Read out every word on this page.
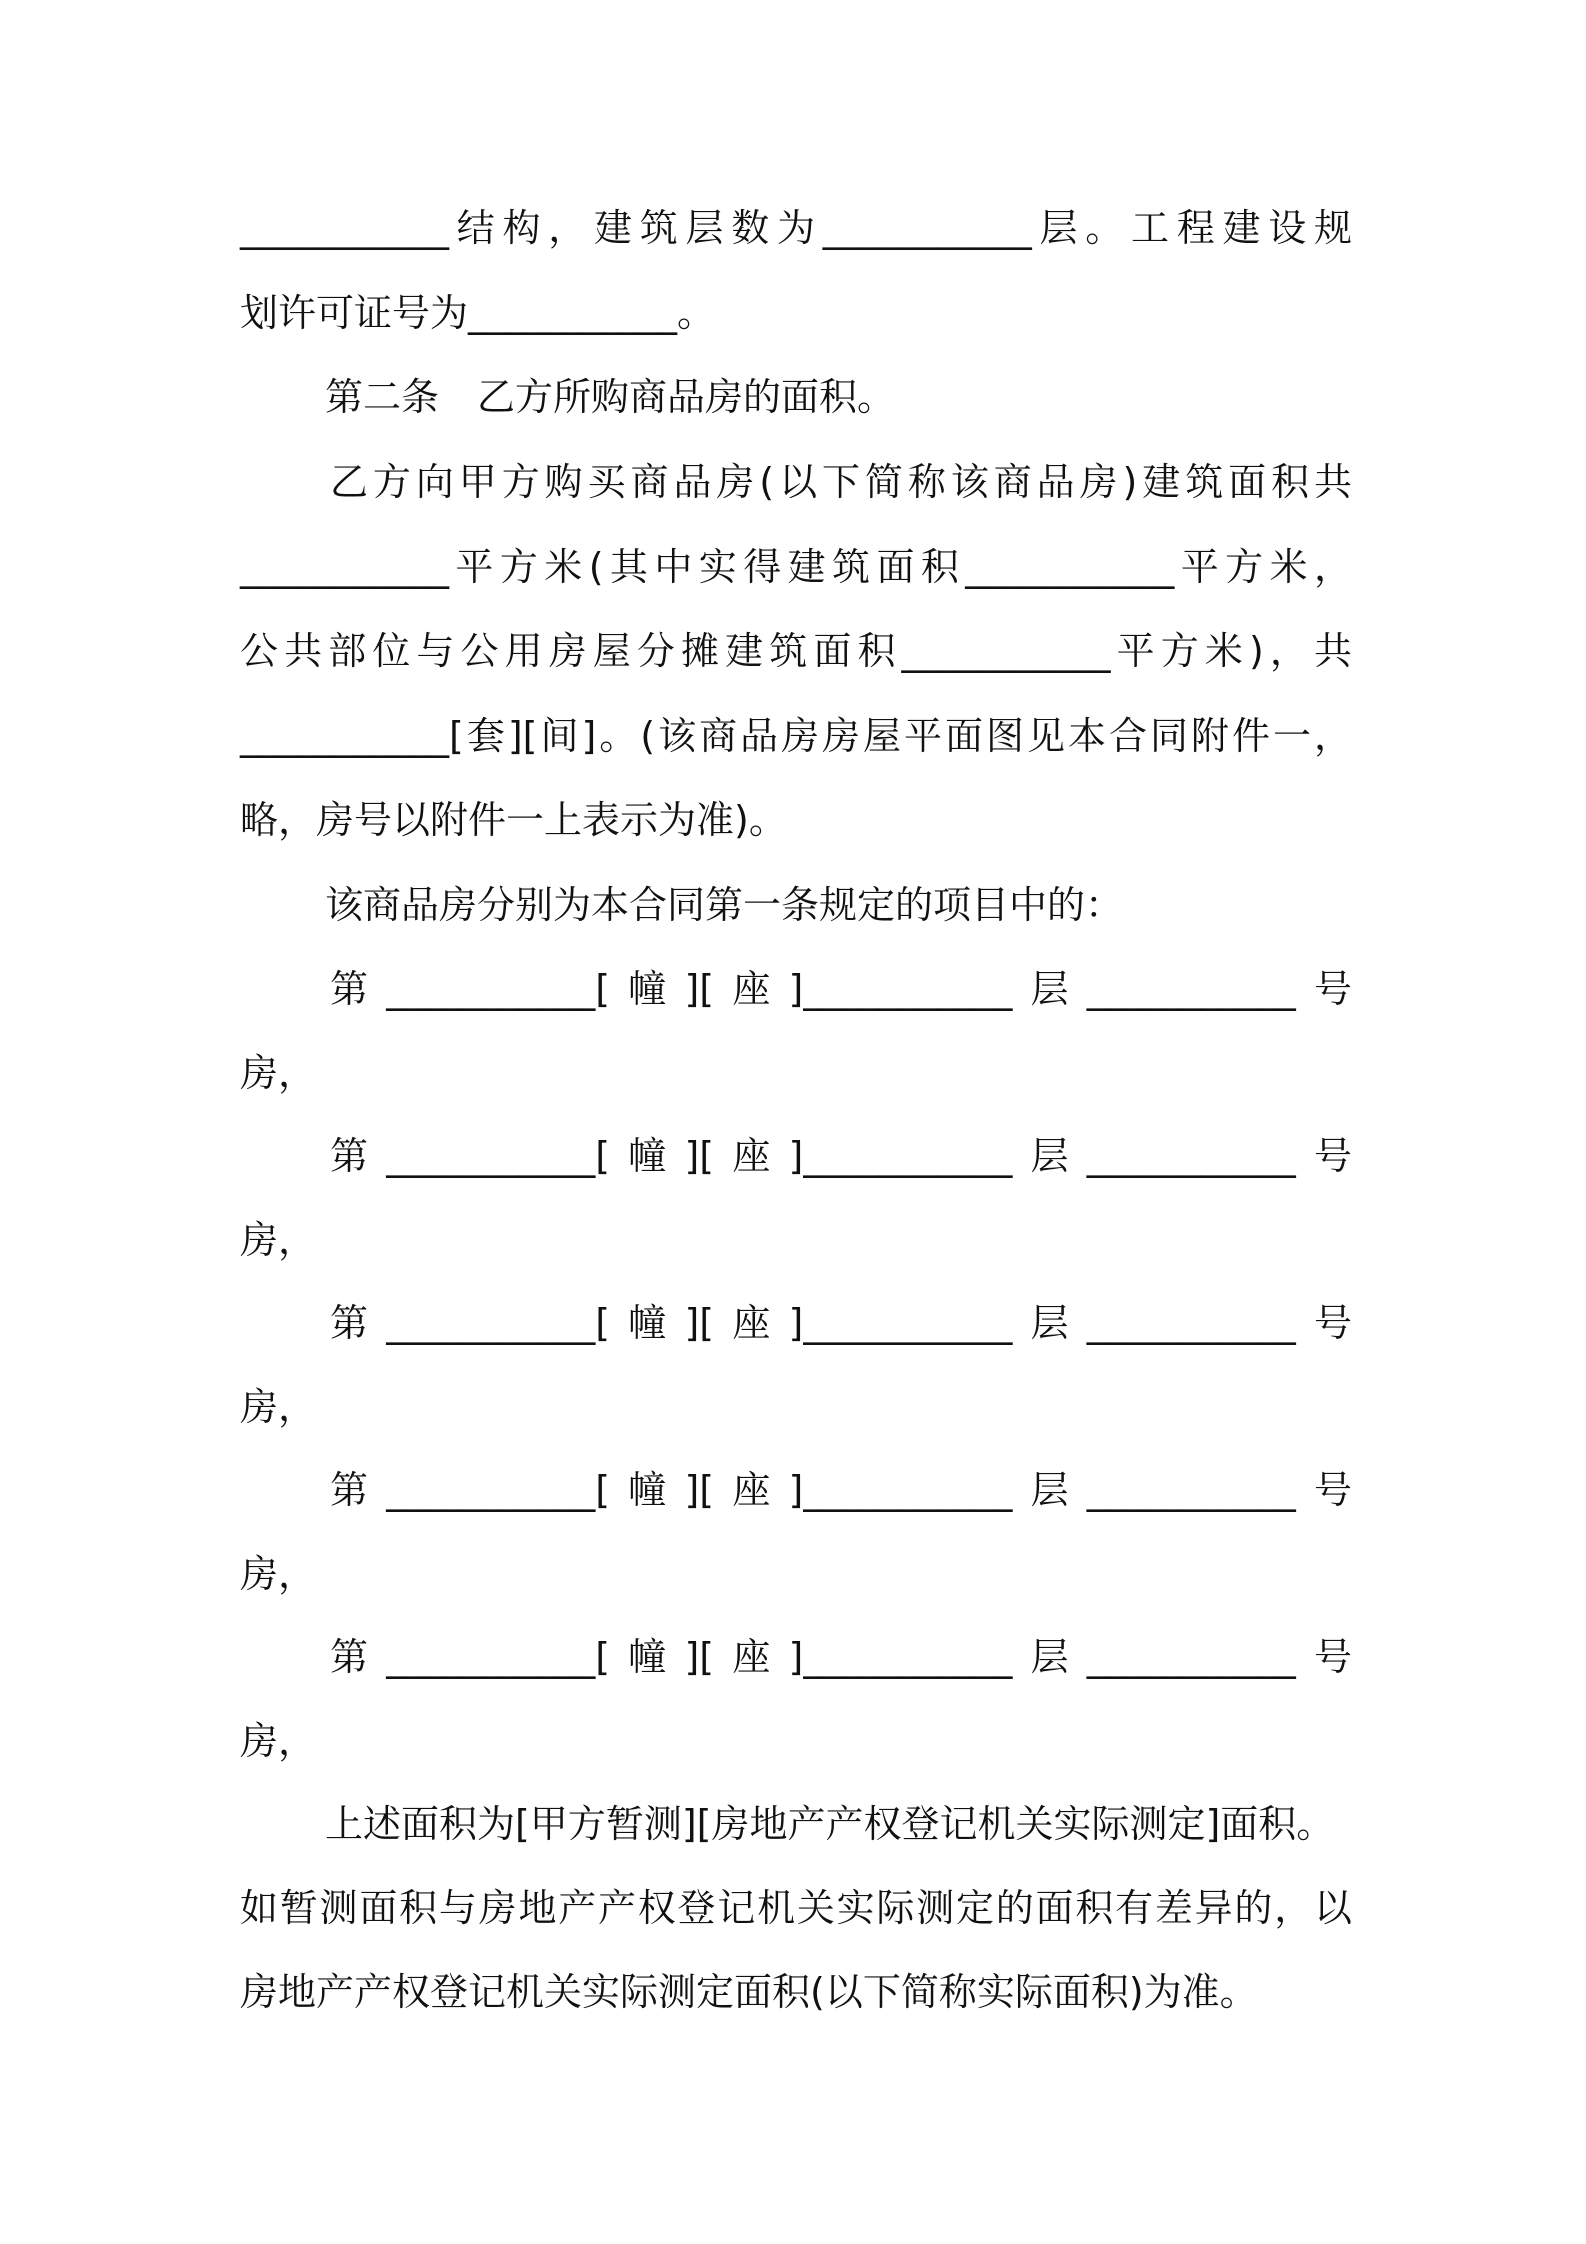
___________结构，建筑层数为___________层。工程建设规
划许可证号为___________。
第二条　乙方所购商品房的面积。
乙方向甲方购买商品房(以下简称该商品房)建筑面积共
___________平方米(其中实得建筑面积___________平方米，
公共部位与公用房屋分摊建筑面积___________平方米)，共
___________[套][间]。(该商品房房屋平面图见本合同附件一，
略，房号以附件一上表示为准)。
该商品房分别为本合同第一条规定的项目中的：
第___________[幢][座]___________层___________号
房，
第___________[幢][座]___________层___________号
房，
第___________[幢][座]___________层___________号
房，
第___________[幢][座]___________层___________号
房，
第___________[幢][座]___________层___________号
房，
上述面积为[甲方暂测][房地产产权登记机关实际测定]面积。
如暂测面积与房地产产权登记机关实际测定的面积有差异的，以
房地产产权登记机关实际测定面积(以下简称实际面积)为准。
